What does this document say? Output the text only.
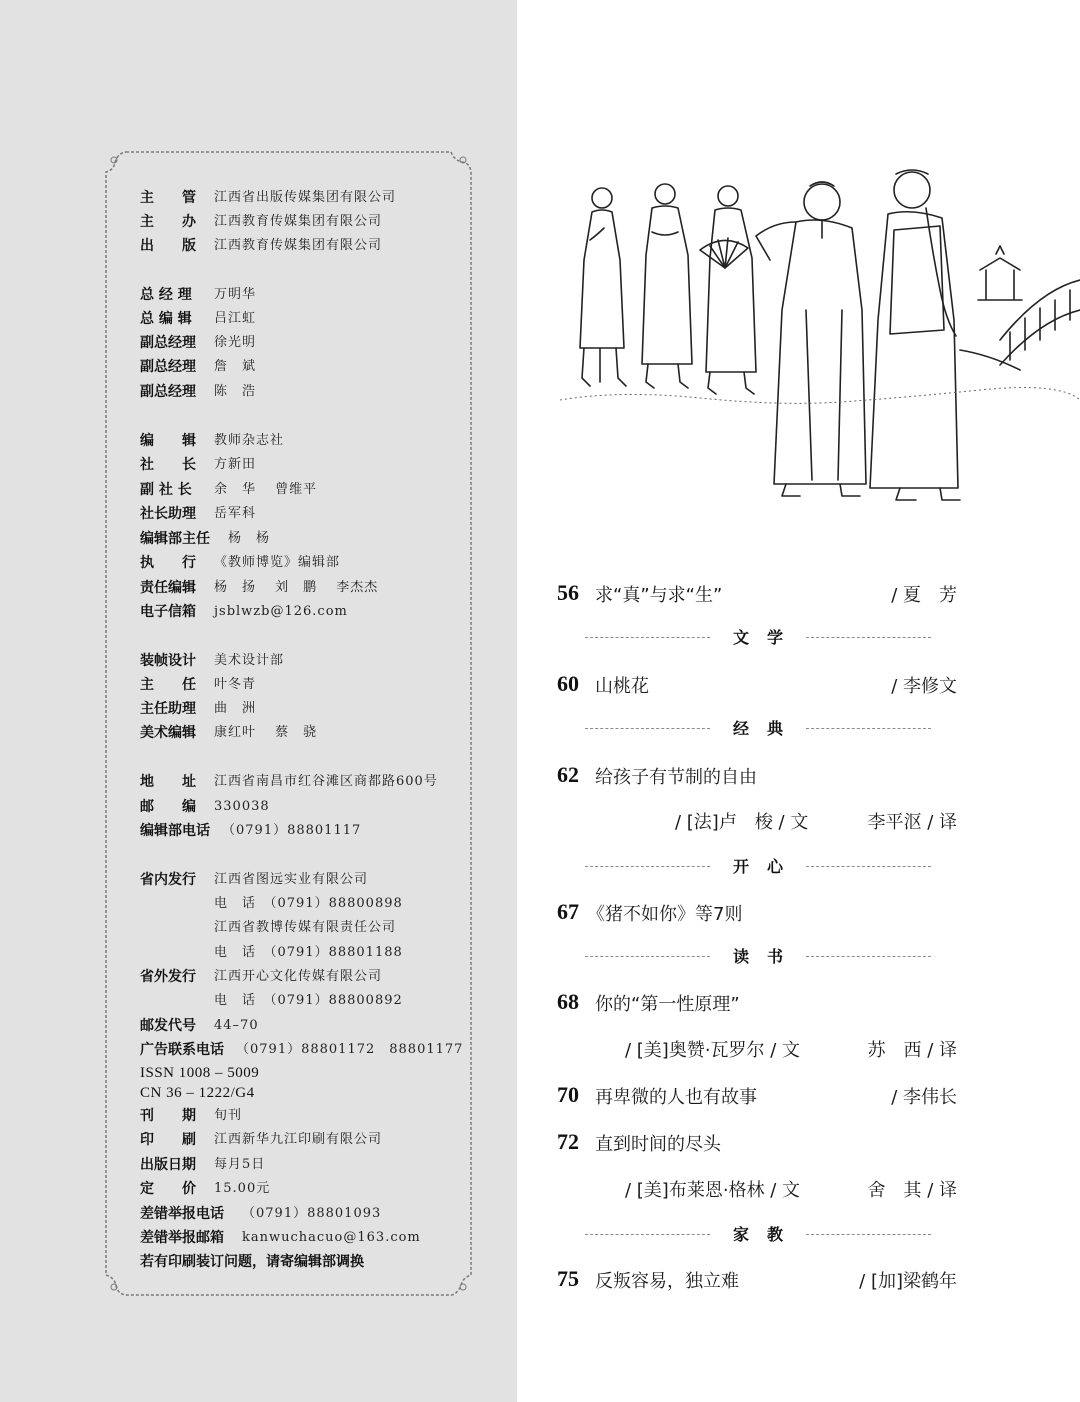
主　　管 江西省出版传媒集团有限公司
主　　办 江西教育传媒集团有限公司
出　　版 江西教育传媒集团有限公司
总 经 理 万明华
总 编 辑 吕江虹
副总经理 徐光明
副总经理 詹　斌
副总经理 陈　浩
编　　辑 教师杂志社
社　　长 方新田
副 社 长 余　华　 曾维平
社长助理 岳军科
编辑部主任 杨　杨
执　　行 《教师博览》编辑部
责任编辑 杨　扬　 刘　鹏　 李杰杰
电子信箱 jsblwzb@126.com
装帧设计 美术设计部
主　　任 叶冬青
主任助理 曲　洲
美术编辑 康红叶　 蔡　骁
地　　址 江西省南昌市红谷滩区商都路600号
邮　　编 330038
编辑部电话 （0791）88801117
省内发行 江西省图远实业有限公司
电　话　（0791）88800898
江西省教博传媒有限责任公司
电　话　（0791）88801188
省外发行 江西开心文化传媒有限公司
电　话　（0791）88800892
邮发代号 44–70
广告联系电话 （0791）88801172　88801177
ISSN 1008 – 5009
CN 36 – 1222/G4
刊　　期 旬刊
印　　刷 江西新华九江印刷有限公司
出版日期 每月5日
定　　价 15.00元
差错举报电话 （0791）88801093
差错举报邮箱 kanwuchacuo@163.com
若有印刷装订问题，请寄编辑部调换
56 求“真”与求“生”	/ 夏　芳
文学
60 山桃花	/ 李修文
经典
62 给孩子有节制的自由
/ [法]卢　梭 / 文	李平沤 / 译
开心
67 《猪不如你》等7则
读书
68 你的“第一性原理”
/ [美]奥赞·瓦罗尔 / 文	苏　西 / 译
70 再卑微的人也有故事	/ 李伟长
72 直到时间的尽头
/ [美]布莱恩·格林 / 文	舍　其 / 译
家教
75 反叛容易，独立难	/ [加]梁鹤年
